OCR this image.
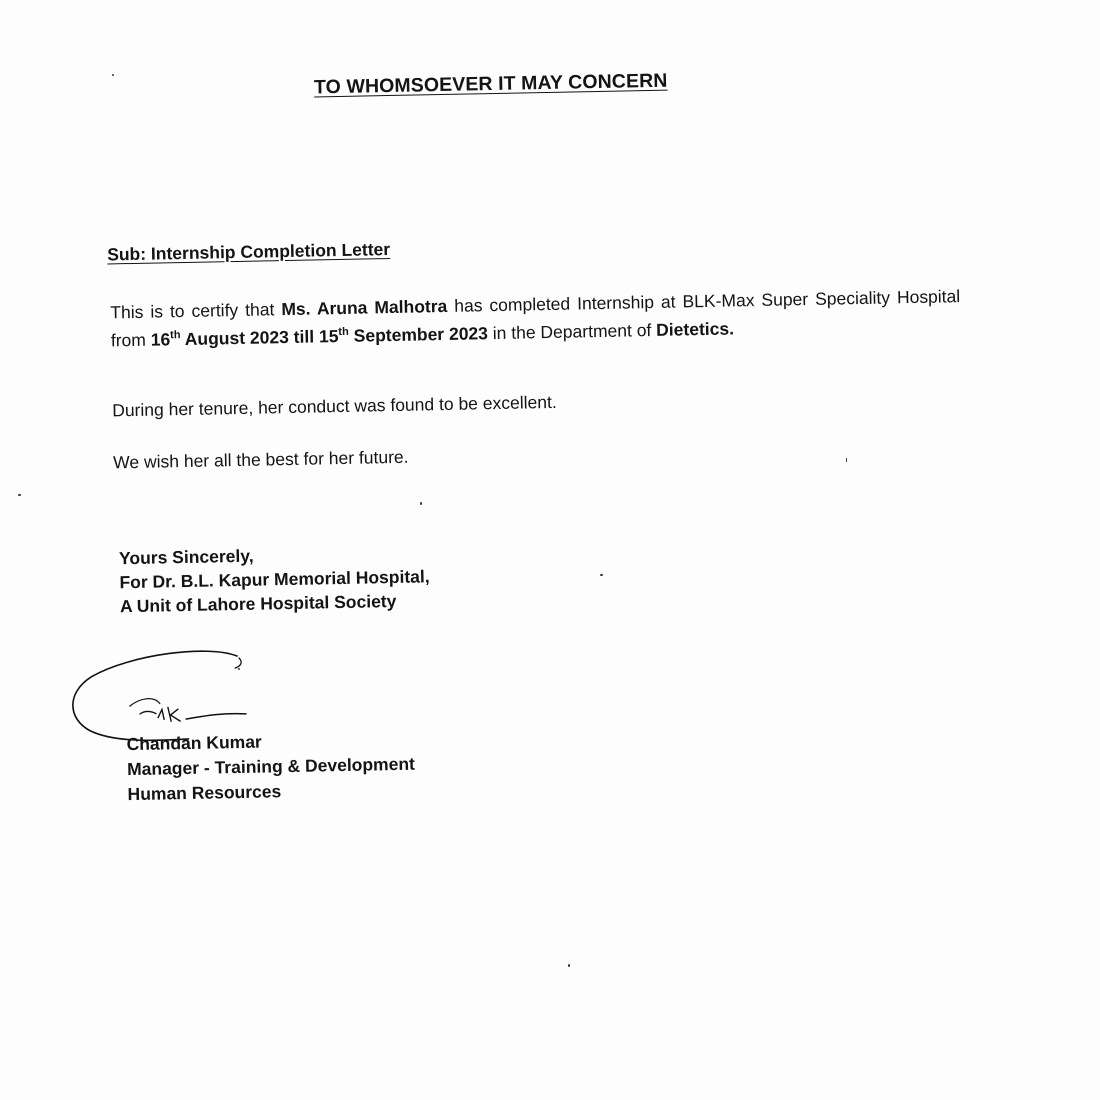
TO WHOMSOEVER IT MAY CONCERN

Sub: Internship Completion Letter

This is to certify that Ms. Aruna Malhotra has completed Internship at BLK-Max Super Speciality Hospital from 16th August 2023 till 15th September 2023 in the Department of Dietetics.

During her tenure, her conduct was found to be excellent.

We wish her all the best for her future.

Yours Sincerely,
For Dr. B.L. Kapur Memorial Hospital,
A Unit of Lahore Hospital Society
Chandan Kumar
Manager - Training & Development
Human Resources
